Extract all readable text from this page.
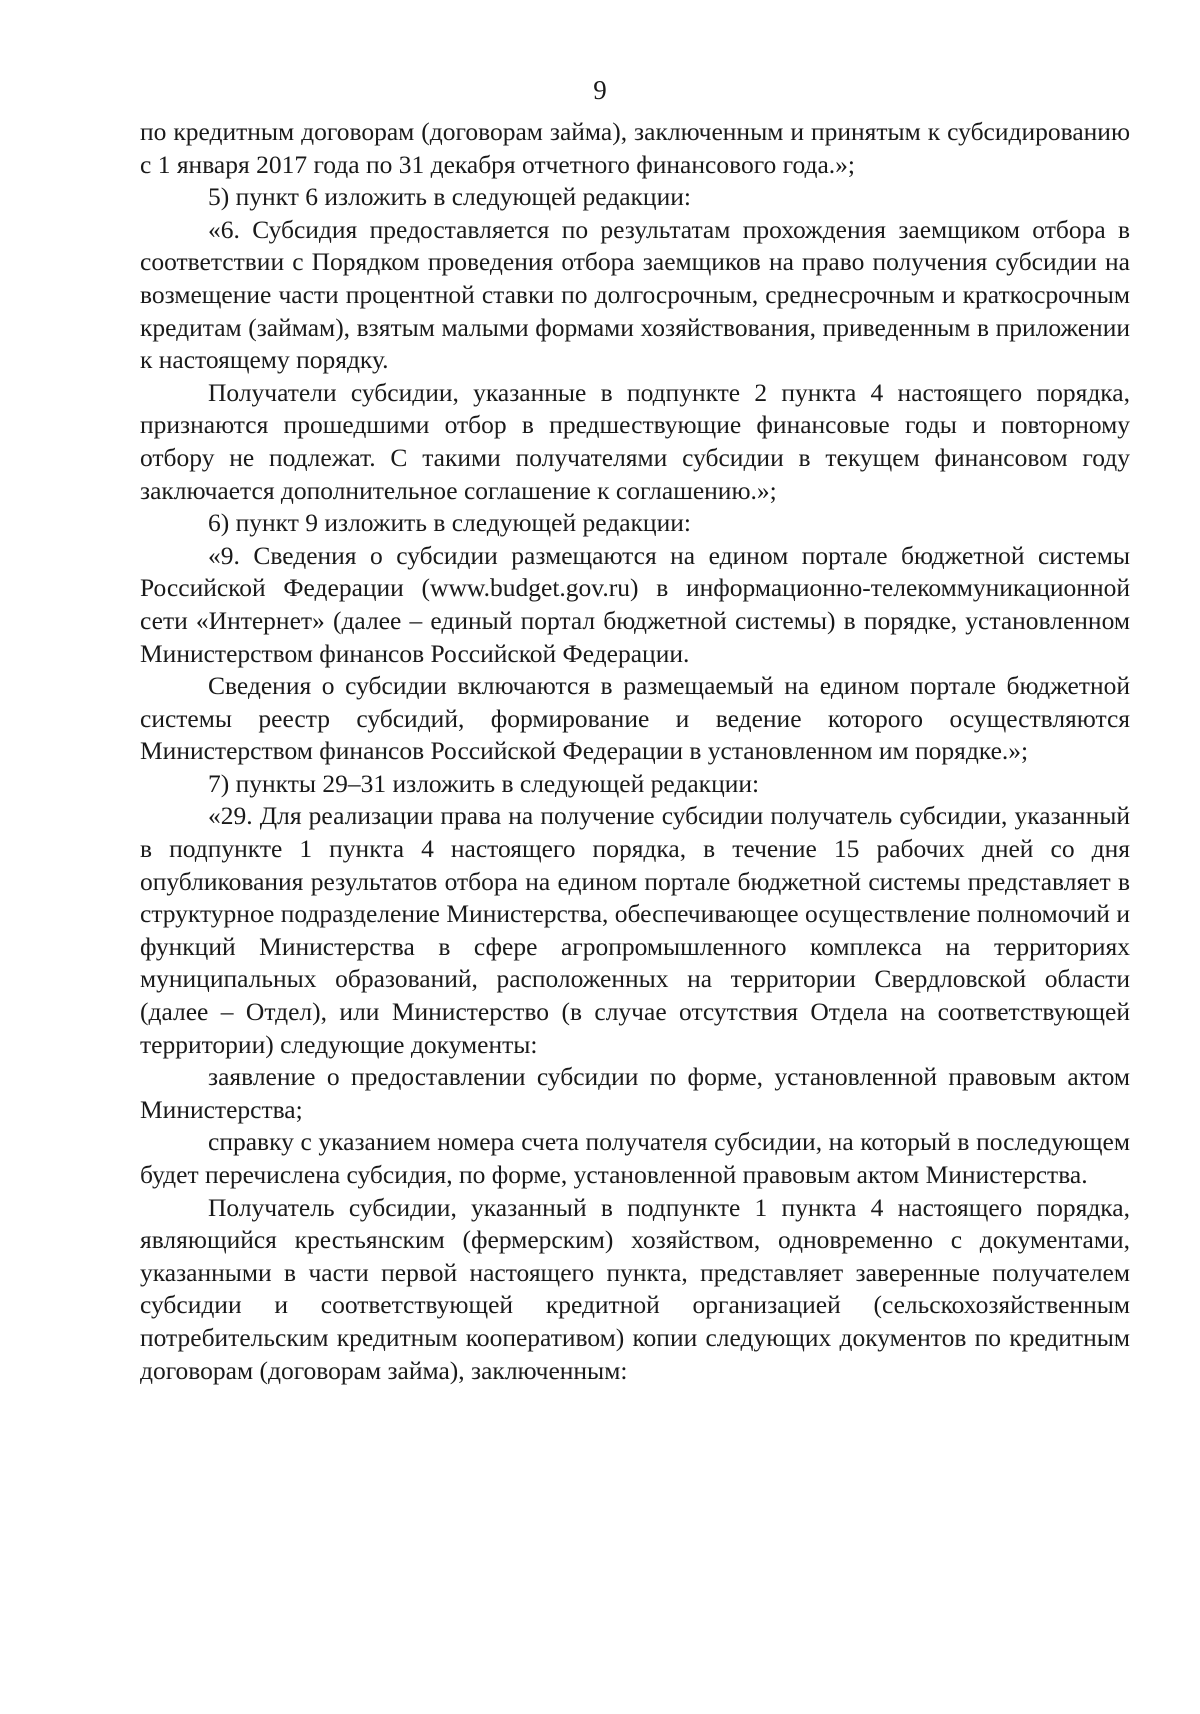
9

по кредитным договорам (договорам займа), заключенным и принятым к субсидированию с 1 января 2017 года по 31 декабря отчетного финансового года.»;

5) пункт 6 изложить в следующей редакции:

«6. Субсидия предоставляется по результатам прохождения заемщиком отбора в соответствии с Порядком проведения отбора заемщиков на право получения субсидии на возмещение части процентной ставки по долгосрочным, среднесрочным и краткосрочным кредитам (займам), взятым малыми формами хозяйствования, приведенным в приложении к настоящему порядку.

Получатели субсидии, указанные в подпункте 2 пункта 4 настоящего порядка, признаются прошедшими отбор в предшествующие финансовые годы и повторному отбору не подлежат. С такими получателями субсидии в текущем финансовом году заключается дополнительное соглашение к соглашению.»;

6) пункт 9 изложить в следующей редакции:

«9. Сведения о субсидии размещаются на едином портале бюджетной системы Российской Федерации (www.budget.gov.ru) в информационно-телекоммуникационной сети «Интернет» (далее – единый портал бюджетной системы) в порядке, установленном Министерством финансов Российской Федерации.

Сведения о субсидии включаются в размещаемый на едином портале бюджетной системы реестр субсидий, формирование и ведение которого осуществляются Министерством финансов Российской Федерации в установленном им порядке.»;

7) пункты 29–31 изложить в следующей редакции:

«29. Для реализации права на получение субсидии получатель субсидии, указанный в подпункте 1 пункта 4 настоящего порядка, в течение 15 рабочих дней со дня опубликования результатов отбора на едином портале бюджетной системы представляет в структурное подразделение Министерства, обеспечивающее осуществление полномочий и функций Министерства в сфере агропромышленного комплекса на территориях муниципальных образований, расположенных на территории Свердловской области (далее – Отдел), или Министерство (в случае отсутствия Отдела на соответствующей территории) следующие документы:

заявление о предоставлении субсидии по форме, установленной правовым актом Министерства;

справку с указанием номера счета получателя субсидии, на который в последующем будет перечислена субсидия, по форме, установленной правовым актом Министерства.

Получатель субсидии, указанный в подпункте 1 пункта 4 настоящего порядка, являющийся крестьянским (фермерским) хозяйством, одновременно с документами, указанными в части первой настоящего пункта, представляет заверенные получателем субсидии и соответствующей кредитной организацией (сельскохозяйственным потребительским кредитным кооперативом) копии следующих документов по кредитным договорам (договорам займа), заключенным:
